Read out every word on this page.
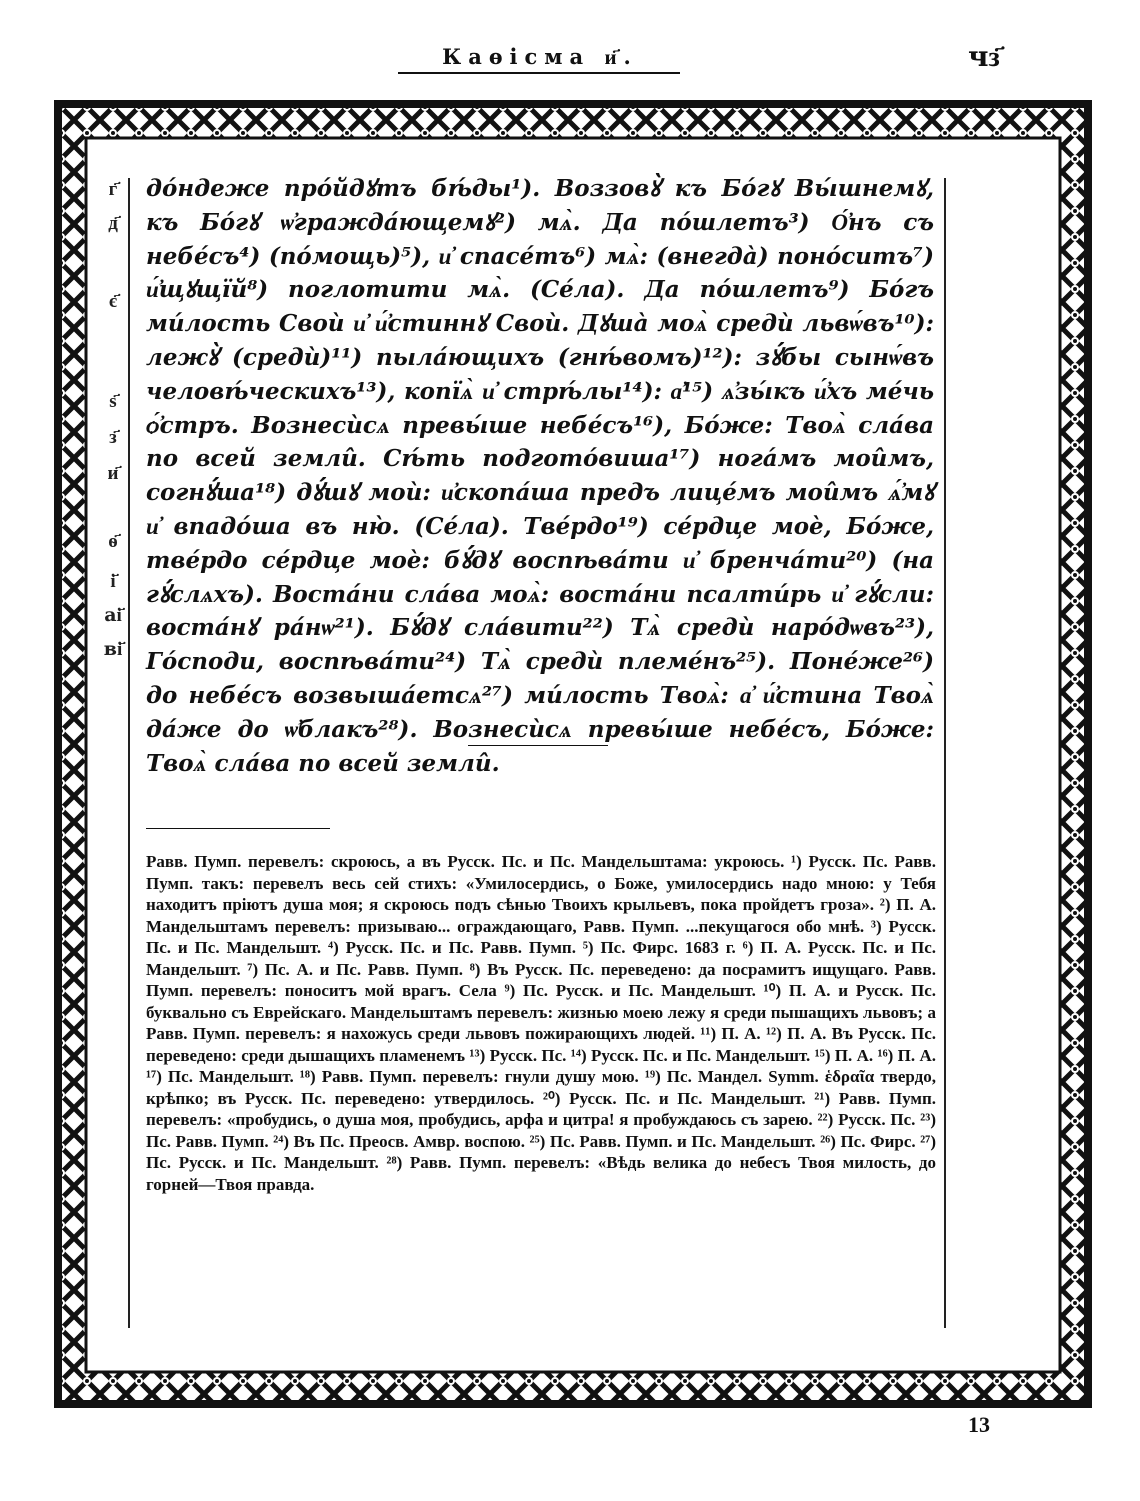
Каѳісма и҃.	чз҃
г҃
д҃
є҃
ѕ҃
з҃
и҃
ѳ҃
і҃
аі҃
ві҃

дóндеже прóйдꙋтъ бѣ́ды¹). Воззовꙋ̀ къ Бóгꙋ Вы́шнемꙋ, къ Бóгꙋ ѡ҆гражда́ющемꙋ²) мѧ̀. Да пóшлетъ³) О҆́нъ съ небе́съ⁴) (пóмощь)⁵), и҆ спасе́тъ⁶) мѧ̀: (внегда̀) понóситъ⁷) и҆́щꙋщїй⁸) поглотити мѧ̀. (Се́ла). Да пóшлетъ⁹) Бóгъ ми́лость Своѝ и҆ и҆́стиннꙋ Своѝ. Дꙋша̀ моѧ̀ средѝ львѡ́въ¹⁰): лежꙋ̀ (средѝ)¹¹) пыла́ющихъ (гнѣ́вомъ)¹²): зꙋ́бы сынѡ́въ человѣ́ческихъ¹³), копїѧ̀ и҆ стрѣ́лы¹⁴): а҆¹⁵) ѧ҆зы́къ и҆́хъ ме́чь ѻ҆́стръ. Вознесѝсѧ превы́ше небе́съ¹⁶), Бо́же: Твоѧ̀ сла́ва по всей земли̂. Сѣ́ть подготóвиша¹⁷) ногáмъ мои̂мъ, согнꙋ́ша¹⁸) дꙋ́шꙋ моѝ: и҆скопа́ша предъ лице́мъ мои̂мъ ѧ҆́мꙋ и҆ впадóша въ ню̀. (Се́ла). Тве́рдо¹⁹) се́рдце моѐ, Бо́же, тве́рдо се́рдце моѐ: бꙋ́дꙋ воспѣва́ти и҆ бренча́ти²⁰) (на гꙋ́слѧхъ). Воста́ни сла́ва моѧ̀: воста́ни псалти́рь и҆ гꙋ́сли: воста́нꙋ ра́нѡ²¹). Бꙋ́дꙋ сла́вити²²) Тѧ̀ средѝ нарóдѡвъ²³), Гóсподи, воспѣва́ти²⁴) Тѧ̀ средѝ племе́нъ²⁵). Поне́же²⁶) до небе́съ возвыша́етсѧ²⁷) ми́лость Твоѧ̀: а҆ и҆́стина Твоѧ̀ да́же до ѡ҆блакъ²⁸). Вознесѝсѧ превы́ше небе́съ, Бо́же: Твоѧ̀ сла́ва по всей земли̂.

Равв. Пумп. перевелъ: скроюсь, а въ Русск. Пс. и Пс. Мандельштама: укроюсь. ¹) Русск. Пс. Равв. Пумп. такъ: перевелъ весь сей стихъ: «Умилосердись, о Боже, умилосердись надо мною: у Тебя находитъ прiютъ душа моя; я скроюсь подъ сѣнью Твоихъ крыльевъ, пока пройдетъ гроза». ²) П. А. Мандельштамъ перевелъ: призываю... ограждающаго, Равв. Пумп. ...пекущагося обо мнѣ. ³) Русск. Пс. и Пс. Мандельшт. ⁴) Русск. Пс. и Пс. Равв. Пумп. ⁵) Пс. Фирс. 1683 г. ⁶) П. А. Русск. Пс. и Пс. Мандельшт. ⁷) Пс. А. и Пс. Равв. Пумп. ⁸) Въ Русск. Пс. переведено: да посрамитъ ищущаго. Равв. Пумп. перевелъ: поноситъ мой врагъ. Села ⁹) Пс. Русск. и Пс. Мандельшт. ¹⁰) П. А. и Русск. Пс. буквально съ Еврейскаго. Мандельштамъ перевелъ: жизнью моею лежу я среди пышащихъ львовъ; а Равв. Пумп. перевелъ: я нахожусь среди львовъ пожирающихъ людей. ¹¹) П. А. ¹²) П. А. Въ Русск. Пс. переведено: среди дышащихъ пламенемъ ¹³) Русск. Пс. ¹⁴) Русск. Пс. и Пс. Мандельшт. ¹⁵) П. А. ¹⁶) П. А. ¹⁷) Пс. Мандельшт. ¹⁸) Равв. Пумп. перевелъ: гнули душу мою. ¹⁹) Пс. Мандел. Symm. ἑδραῖα твердо, крѣпко; въ Русск. Пс. переведено: утвердилось. ²⁰) Русск. Пс. и Пс. Мандельшт. ²¹) Равв. Пумп. перевелъ: «пробудись, о душа моя, пробудись, арфа и цитра! я пробуждаюсь съ зарею. ²²) Русск. Пс. ²³) Пс. Равв. Пумп. ²⁴) Въ Пс. Преосв. Амвр. воспою. ²⁵) Пс. Равв. Пумп. и Пс. Мандельшт. ²⁶) Пс. Фирс. ²⁷) Пс. Русск. и Пс. Мандельшт. ²⁸) Равв. Пумп. перевелъ: «Вѣдь велика до небесъ Твоя милость, до горней—Твоя правда.

13
